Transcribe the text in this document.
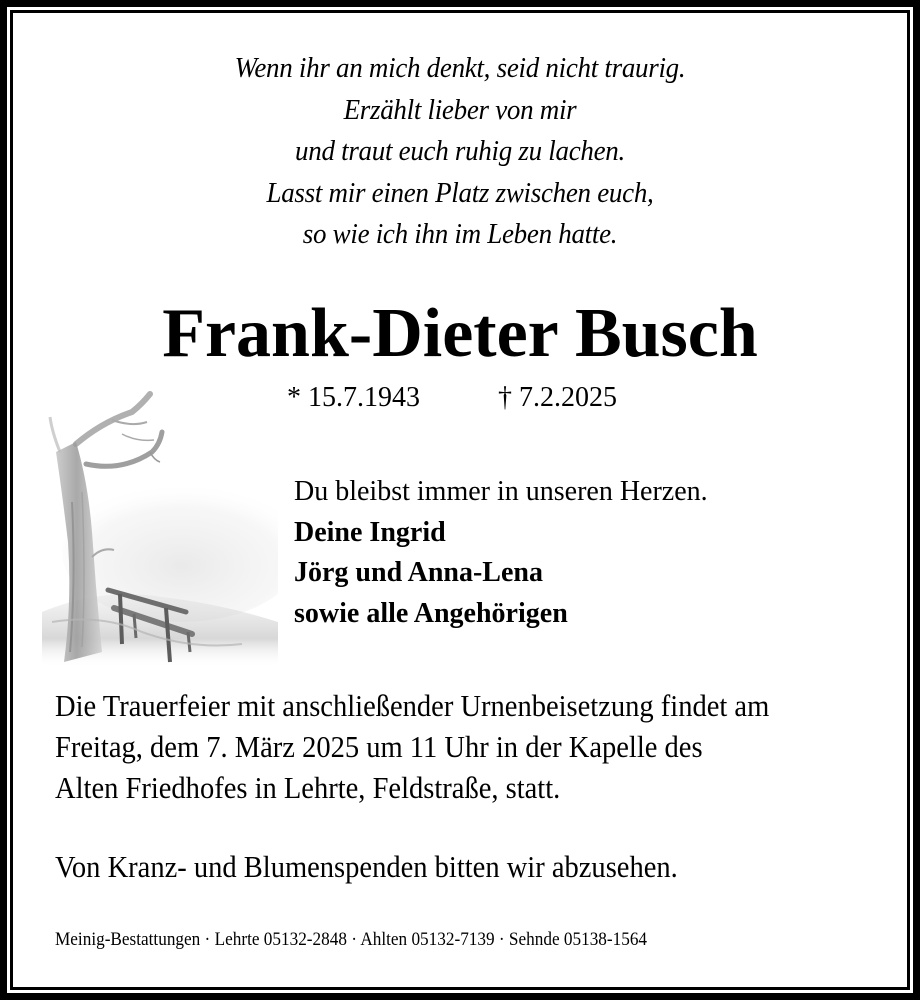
Wenn ihr an mich denkt, seid nicht traurig.
Erzählt lieber von mir
und traut euch ruhig zu lachen.
Lasst mir einen Platz zwischen euch,
so wie ich ihn im Leben hatte.
Frank-Dieter Busch
* 15.7.1943	† 7.2.2025
Du bleibst immer in unseren Herzen.
Deine Ingrid
Jörg und Anna-Lena
sowie alle Angehörigen
Die Trauerfeier mit anschließender Urnenbeisetzung findet am
Freitag, dem 7. März 2025 um 11 Uhr in der Kapelle des
Alten Friedhofes in Lehrte, Feldstraße, statt.
Von Kranz- und Blumenspenden bitten wir abzusehen.
Meinig-Bestattungen · Lehrte 05132-2848 · Ahlten 05132-7139 · Sehnde 05138-1564
